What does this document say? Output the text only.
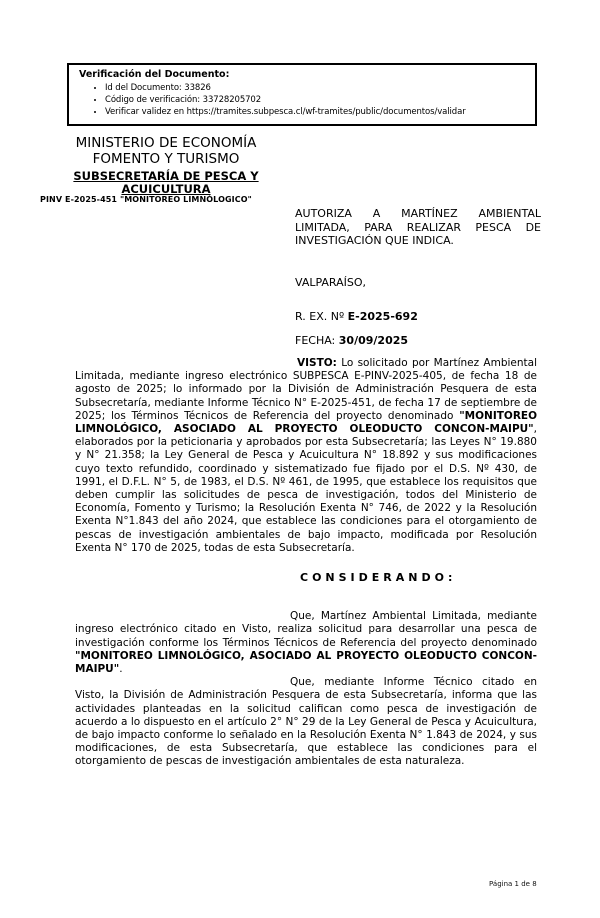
Verificación del Documento:
• Id del Documento: 33826
• Código de verificación: 33728205702
• Verificar validez en https://tramites.subpesca.cl/wf-tramites/public/documentos/validar
MINISTERIO DE ECONOMÍA FOMENTO Y TURISMO
SUBSECRETARÍA DE PESCA Y ACUICULTURA
PINV E-2025-451 "MONITOREO LIMNÓLOGICO"
AUTORIZA A MARTÍNEZ AMBIENTAL LIMITADA, PARA REALIZAR PESCA DE INVESTIGACIÓN QUE INDICA.
VALPARAÍSO,
R. EX. Nº E-2025-692
FECHA: 30/09/2025

VISTO: Lo solicitado por Martínez Ambiental Limitada, mediante ingreso electrónico SUBPESCA E-PINV-2025-405, de fecha 18 de agosto de 2025; lo informado por la División de Administración Pesquera de esta Subsecretaría, mediante Informe Técnico N° E-2025-451, de fecha 17 de septiembre de 2025; los Términos Técnicos de Referencia del proyecto denominado "MONITOREO LIMNOLÓGICO, ASOCIADO AL PROYECTO OLEODUCTO CONCON-MAIPU", elaborados por la peticionaria y aprobados por esta Subsecretaría; las Leyes N° 19.880 y N° 21.358; la Ley General de Pesca y Acuicultura N° 18.892 y sus modificaciones cuyo texto refundido, coordinado y sistematizado fue fijado por el D.S. Nº 430, de 1991, el D.F.L. N° 5, de 1983, el D.S. Nº 461, de 1995, que establece los requisitos que deben cumplir las solicitudes de pesca de investigación, todos del Ministerio de Economía, Fomento y Turismo; la Resolución Exenta N° 746, de 2022 y la Resolución Exenta N°1.843 del año 2024, que establece las condiciones para el otorgamiento de pescas de investigación ambientales de bajo impacto, modificada por Resolución Exenta N° 170 de 2025, todas de esta Subsecretaría.

CONSIDERANDO:

Que, Martínez Ambiental Limitada, mediante ingreso electrónico citado en Visto, realiza solicitud para desarrollar una pesca de investigación conforme los Términos Técnicos de Referencia del proyecto denominado "MONITOREO LIMNOLÓGICO, ASOCIADO AL PROYECTO OLEODUCTO CONCON-MAIPU".

Que, mediante Informe Técnico citado en Visto, la División de Administración Pesquera de esta Subsecretaría, informa que las actividades planteadas en la solicitud califican como pesca de investigación de acuerdo a lo dispuesto en el artículo 2° N° 29 de la Ley General de Pesca y Acuicultura, de bajo impacto conforme lo señalado en la Resolución Exenta N° 1.843 de 2024, y sus modificaciones, de esta Subsecretaría, que establece las condiciones para el otorgamiento de pescas de investigación ambientales de esta naturaleza.

Página 1 de 8
